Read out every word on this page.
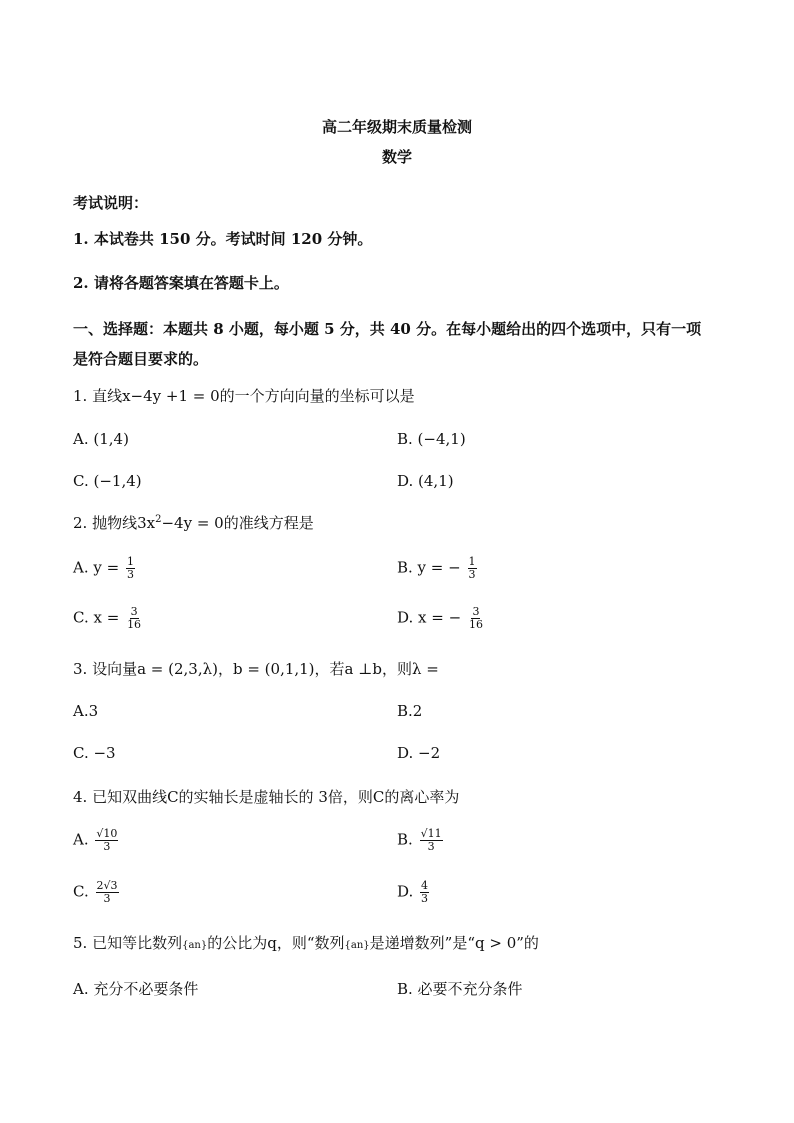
高二年级期末质量检测
数学
考试说明：
1. 本试卷共 150 分。考试时间 120 分钟。
2. 请将各题答案填在答题卡上。
一、选择题：本题共 8 小题，每小题 5 分，共 40 分。在每小题给出的四个选项中，只有一项
是符合题目要求的。
1. 直线x−4y +1 = 0的一个方向向量的坐标可以是
A. (1,4)	B. (−4,1)
C. (−1,4)	D. (4,1)
2. 抛物线$3x^2-4y = 0$的准线方程是
A. $y = \frac{1}{3}$	B. y = − $\frac{1}{3}$
C. $x = \frac{3}{16}$	D. x = − $\frac{3}{16}$
3. 设向量a = (2,3,λ)，b = (0,1,1)，若a ⊥b，则λ =
A.3	B.2
C. −3	D. −2
4. 已知双曲线C的实轴长是虚轴长的 3倍，则C的离心率为
A. $\frac{√10}{3}$	B. $\frac{√11}{3}$
C. $\frac{2√3}{3}$	D. $\frac{4}{3}$
5. 已知等比数列{an}的公比为q，则“数列{an}是递增数列”是“q > 0”的
A. 充分不必要条件	B. 必要不充分条件
